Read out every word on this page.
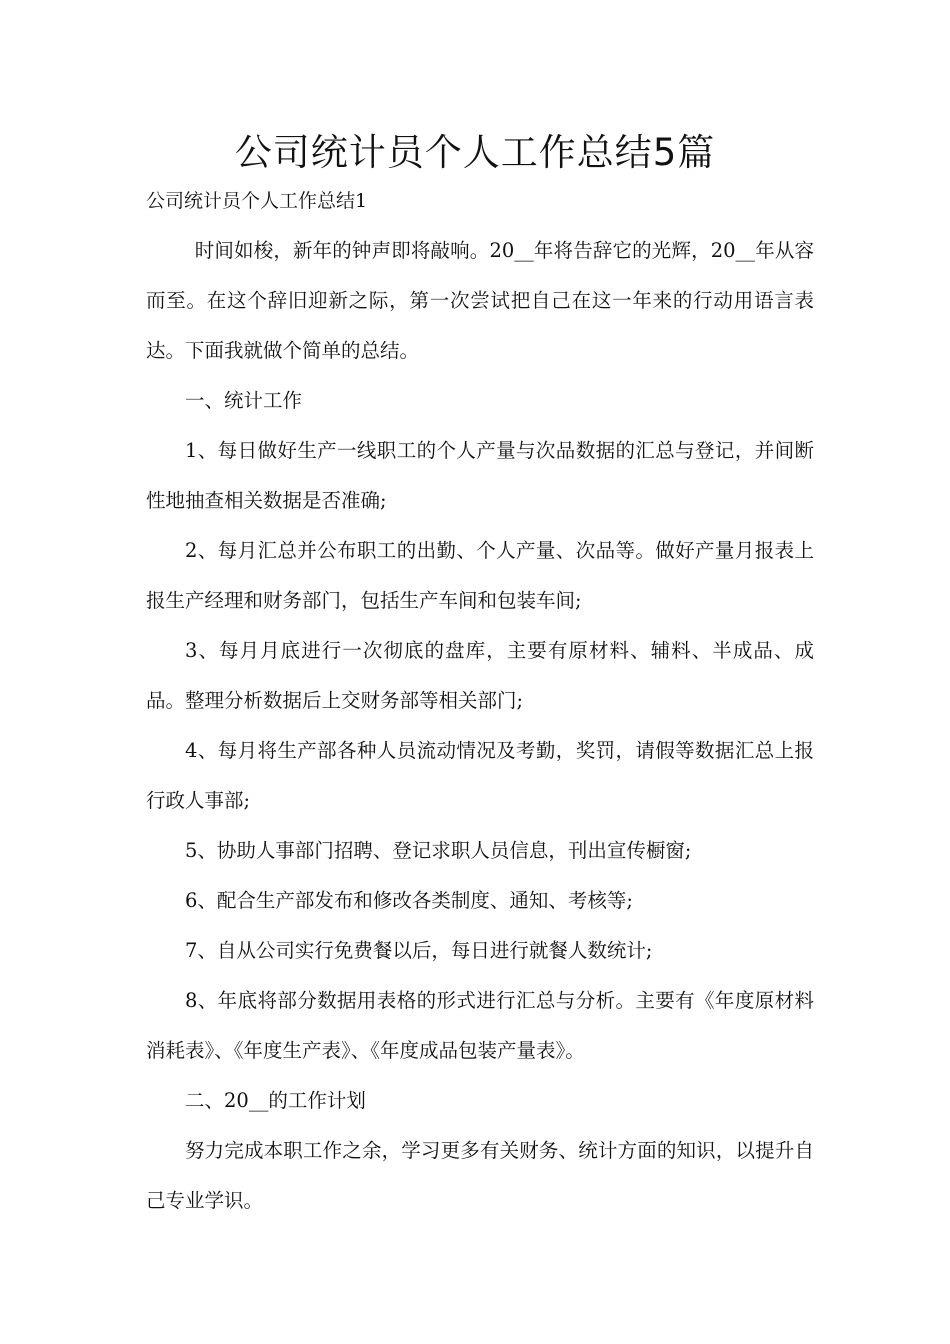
公司统计员个人工作总结5篇
公司统计员个人工作总结1

时间如梭，新年的钟声即将敲响。20__年将告辞它的光辉，20__年从容而至。在这个辞旧迎新之际，第一次尝试把自己在这一年来的行动用语言表达。下面我就做个简单的总结。

一、统计工作

1、每日做好生产一线职工的个人产量与次品数据的汇总与登记，并间断性地抽查相关数据是否准确;

2、每月汇总并公布职工的出勤、个人产量、次品等。做好产量月报表上报生产经理和财务部门，包括生产车间和包装车间;

3、每月月底进行一次彻底的盘库，主要有原材料、辅料、半成品、成品。整理分析数据后上交财务部等相关部门;

4、每月将生产部各种人员流动情况及考勤，奖罚，请假等数据汇总上报行政人事部;

5、协助人事部门招聘、登记求职人员信息，刊出宣传橱窗;

6、配合生产部发布和修改各类制度、通知、考核等;

7、自从公司实行免费餐以后，每日进行就餐人数统计;

8、年底将部分数据用表格的形式进行汇总与分析。主要有《年度原材料消耗表》、《年度生产表》、《年度成品包装产量表》。

二、20__的工作计划

努力完成本职工作之余，学习更多有关财务、统计方面的知识，以提升自己专业学识。
